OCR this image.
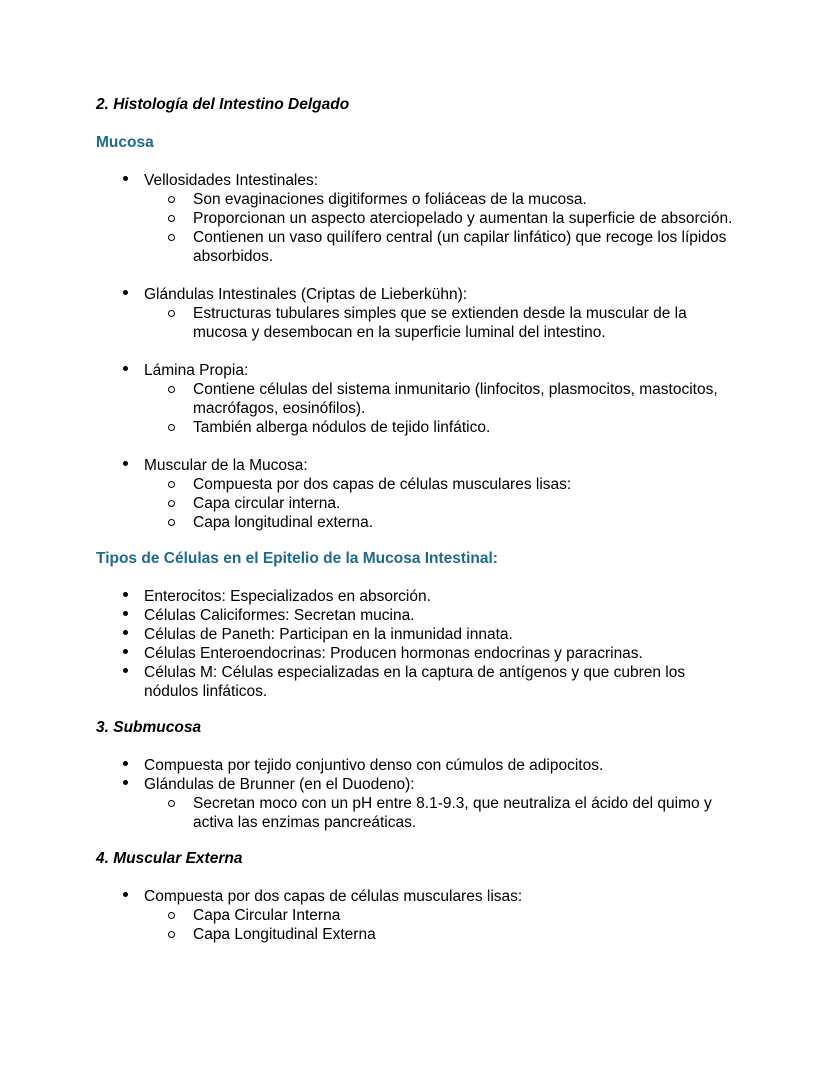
2. Histología del Intestino Delgado
Mucosa
Vellosidades Intestinales:
Son evaginaciones digitiformes o foliáceas de la mucosa.
Proporcionan un aspecto aterciopelado y aumentan la superficie de absorción.
Contienen un vaso quilífero central (un capilar linfático) que recoge los lípidos absorbidos.
Glándulas Intestinales (Criptas de Lieberkühn):
Estructuras tubulares simples que se extienden desde la muscular de la mucosa y desembocan en la superficie luminal del intestino.
Lámina Propia:
Contiene células del sistema inmunitario (linfocitos, plasmocitos, mastocitos, macrófagos, eosinófilos).
También alberga nódulos de tejido linfático.
Muscular de la Mucosa:
Compuesta por dos capas de células musculares lisas:
Capa circular interna.
Capa longitudinal externa.
Tipos de Células en el Epitelio de la Mucosa Intestinal:
Enterocitos: Especializados en absorción.
Células Caliciformes: Secretan mucina.
Células de Paneth: Participan en la inmunidad innata.
Células Enteroendocrinas: Producen hormonas endocrinas y paracrinas.
Células M: Células especializadas en la captura de antígenos y que cubren los nódulos linfáticos.
3. Submucosa
Compuesta por tejido conjuntivo denso con cúmulos de adipocitos.
Glándulas de Brunner (en el Duodeno):
Secretan moco con un pH entre 8.1-9.3, que neutraliza el ácido del quimo y activa las enzimas pancreáticas.
4. Muscular Externa
Compuesta por dos capas de células musculares lisas:
Capa Circular Interna
Capa Longitudinal Externa
